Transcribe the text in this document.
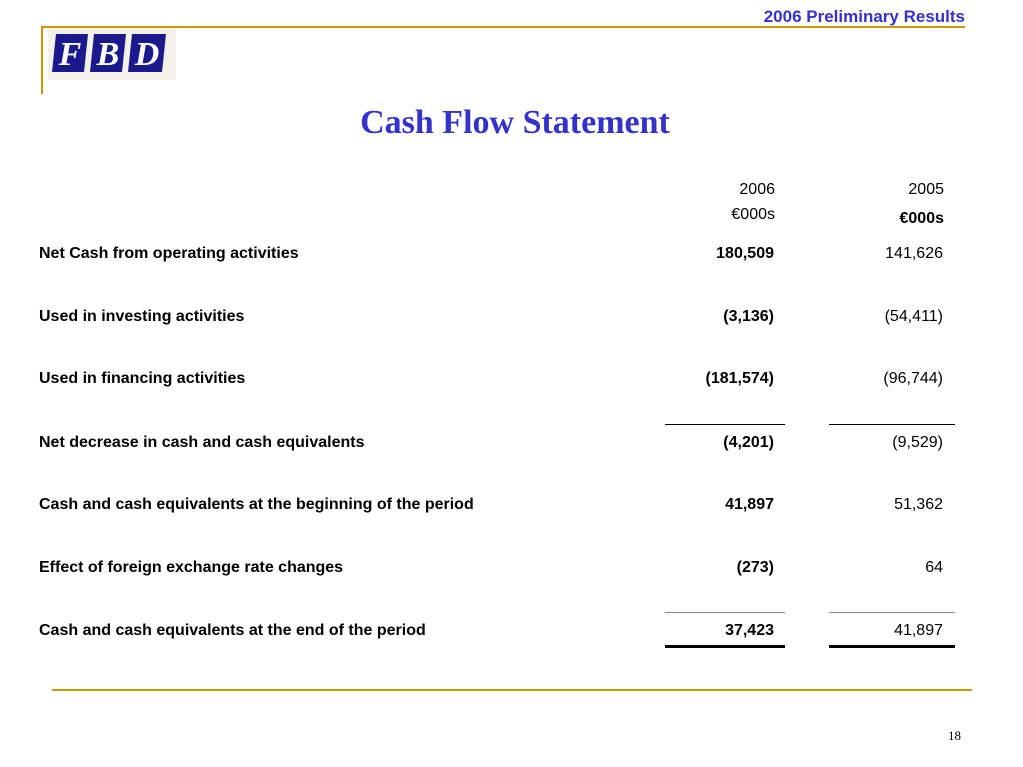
2006 Preliminary Results
F B D
Cash Flow Statement
2006
€000s
2005
€000s
Net Cash from operating activities	180,509	141,626
Used in investing activities	(3,136)	(54,411)
Used in financing activities	(181,574)	(96,744)
Net decrease in cash and cash equivalents	(4,201)	(9,529)
Cash and cash equivalents at the beginning of the period	41,897	51,362
Effect of foreign exchange rate changes	(273)	64
Cash and cash equivalents at the end of the period	37,423	41,897
18
